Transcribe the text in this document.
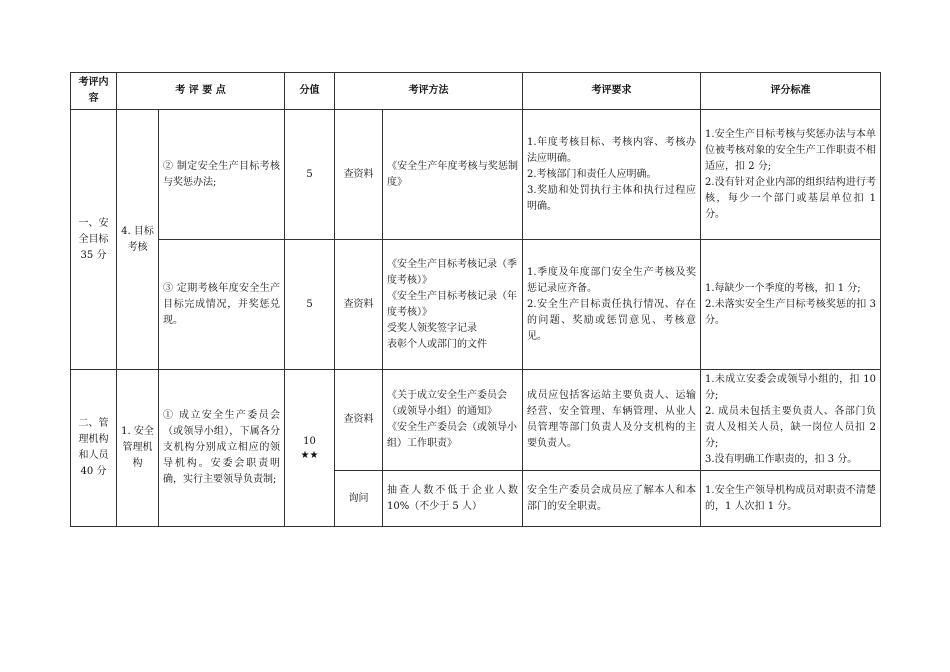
考评内容	考 评 要 点		分值	考评方法		考评要求	评分标准
一、安全目标 35 分	4. 目标考核	② 制定安全生产目标考核与奖惩办法;	5	查资料	《安全生产年度考核与奖惩制度》	1.年度考核目标、考核内容、考核办法应明确。
2.考核部门和责任人应明确。
3.奖励和处罚执行主体和执行过程应明确。	1.安全生产目标考核与奖惩办法与本单位被考核对象的安全生产工作职责不相适应，扣 2 分;
2.没有针对企业内部的组织结构进行考核，每少一个部门或基层单位扣 1 分。
		③ 定期考核年度安全生产目标完成情况，并奖惩兑现。	5	查资料	《安全生产目标考核记录（季度考核）》
《安全生产目标考核记录（年度考核）》
受奖人领奖签字记录
表彰个人或部门的文件	1.季度及年度部门安全生产考核及奖惩记录应齐备。
2.安全生产目标责任执行情况、存在的问题、奖励或惩罚意见、考核意见。	1.每缺少一个季度的考核，扣 1 分;
2.未落实安全生产目标考核奖惩的扣 3 分。
二、管理机构和人员 40 分	1. 安全管理机构	① 成立安全生产委员会（或领导小组），下属各分支机构分别成立相应的领导机构。安委会职责明确，实行主要领导负责制;	10
★★	查资料	《关于成立安全生产委员会（或领导小组）的通知》
《安全生产委员会（或领导小组）工作职责》	成员应包括客运站主要负责人、运输经营、安全管理、车辆管理、从业人员管理等部门负责人及分支机构的主要负责人。	1.未成立安委会或领导小组的，扣 10 分;
2. 成员未包括主要负责人、各部门负责人及相关人员，缺一岗位人员扣 2 分;
3.没有明确工作职责的，扣 3 分。
				询问	抽查人数不低于企业人数 10%（不少于 5 人）	安全生产委员会成员应了解本人和本部门的安全职责。	1.安全生产领导机构成员对职责不清楚的，1 人次扣 1 分。
